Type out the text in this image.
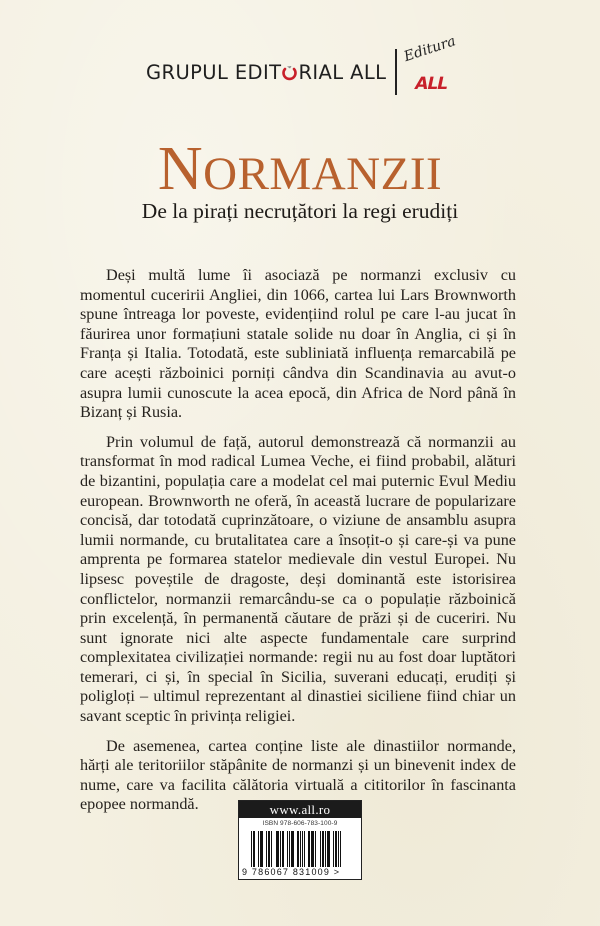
GRUPUL EDIT RIAL ALL
Editura
ALL
NORMANZII
De la pirați necruțători la regi erudiți

Deși multă lume îi asociază pe normanzi exclusiv cu momentul cuceririi Angliei, din 1066, cartea lui Lars Brownworth spune întreaga lor poveste, evidențiind rolul pe care l-au jucat în făurirea unor formațiuni statale solide nu doar în Anglia, ci și în Franța și Italia. Totodată, este subliniată influența remarcabilă pe care acești războinici porniți cândva din Scandinavia au avut-o asupra lumii cunoscute la acea epocă, din Africa de Nord până în Bizanț și Rusia.

Prin volumul de față, autorul demonstrează că normanzii au transformat în mod radical Lumea Veche, ei fiind probabil, alături de bizantini, populația care a modelat cel mai puternic Evul Mediu european. Brownworth ne oferă, în această lucrare de popularizare concisă, dar totodată cuprinzătoare, o viziune de ansamblu asupra lumii normande, cu brutalitatea care a însoțit-o și care-și va pune amprenta pe formarea statelor medievale din vestul Europei. Nu lipsesc poveștile de dragoste, deși dominantă este istorisirea conflictelor, normanzii remarcându-se ca o populație războinică prin excelență, în permanentă căutare de prăzi și de cuceriri. Nu sunt ignorate nici alte aspecte fundamentale care surprind complexitatea civilizației normande: regii nu au fost doar luptători temerari, ci și, în special în Sicilia, suverani educați, erudiți și poligloți – ultimul reprezentant al dinastiei siciliene fiind chiar un savant sceptic în privința religiei.

De asemenea, cartea conține liste ale dinastiilor normande, hărți ale teritoriilor stăpânite de normanzi și un binevenit index de nume, care va facilita călătoria virtuală a cititorilor în fascinanta epopee normandă.	www.all.ro
ISBN 978-606-783-100-9
9 786067 831009 >
